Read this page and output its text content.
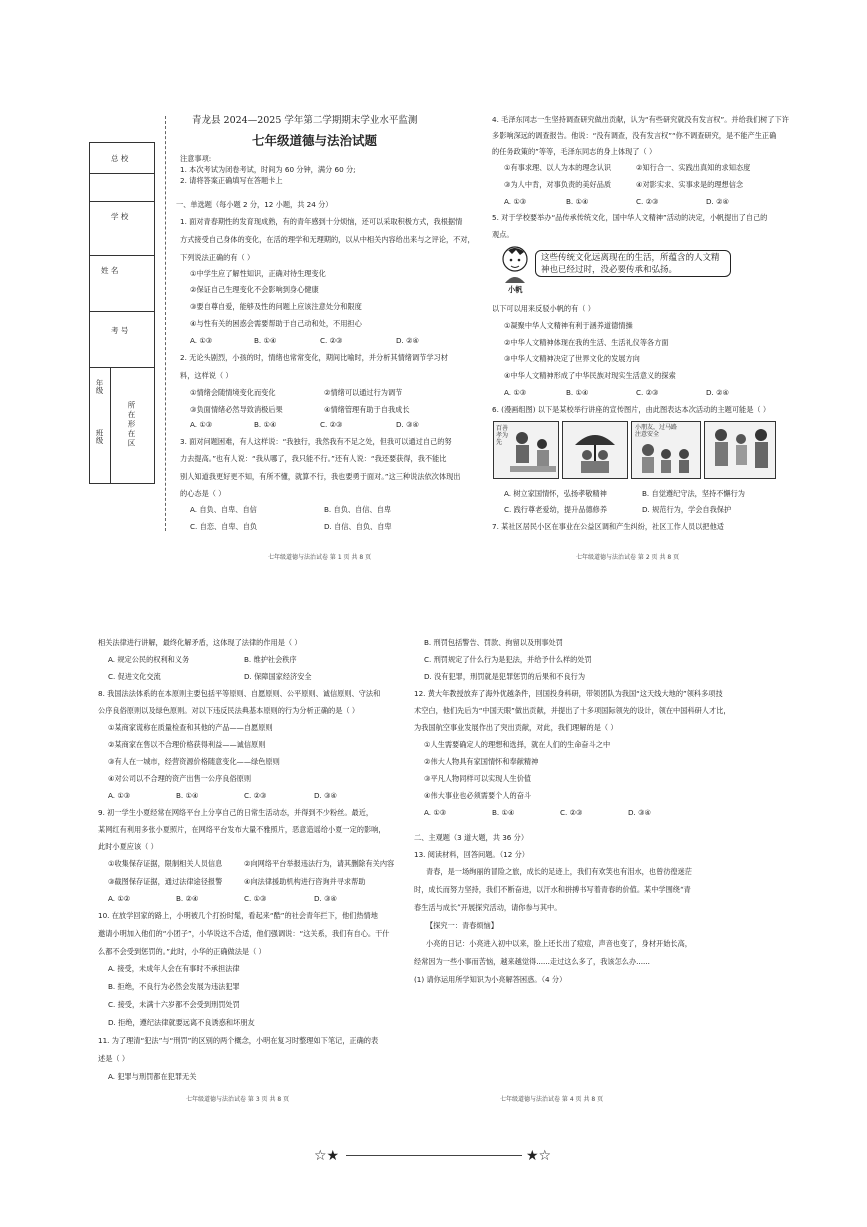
总 校
学 校
姓 名
考 号
年级
班级	所在形在区
青龙县 2024—2025 学年第二学期期末学业水平监测
七年级道德与法治试题
注意事项:
1. 本次考试为闭卷考试，时间为 60 分钟，满分 60 分;
2. 请将答案正确填写在答题卡上
一、单选题（每小题 2 分，12 小题，共 24 分）
1. 面对青春期性的发育现成熟，有的青年感到十分烦恼，还可以采取积极方式，我根据情
方式接受自己身体的变化，在活的理学和无理期的，以从中相关内容给出来与之评论，不对，
下列说法正确的有（ ）
①中学生应了解性知识，正确对待生理变化
②保证自己生理变化不会影响到身心健康
③要自尊自爱，能够及性的问题上应该注意处分和限度
④与性有关的困惑会需要帮助于自己动和处，不用担心
A. ①③	B. ①④	C. ②③	D. ②④
2. 无论头剧烈，小孩的时，情绪也常常变化，期间比喻时，并分析其情绪调节学习材
料，这样说（ ）
①情绪会随情境变化而变化	②情绪可以通过行为调节
③负面情绪必然导致消极后果	④情绪管理有助于自我成长
A. ①③	B. ①④	C. ②③	D. ③④
3. 面对问题困难，有人这样说：“我独行，我然我有不足之处，但我可以通过自己的努
力去提高。”也有人说：“我从哪了，我只能不行。”还有人说：“我还要获得，我不能比
别人知道我更好更不知，有所不懂，就算不行，我也要勇于面对。”这三种说法依次体现出
的心态是（ ）
A. 自负、自卑、自信	B. 自负、自信、自卑
C. 自恋、自卑、自负	D. 自信、自负、自卑
七年级道德与法治试卷 第 1 页 共 8 页
4. 毛泽东同志一生坚持调查研究做出贡献，认为“有些研究就没有发言权”。并给我们树了下许
多影响深远的调查报告。他说：“没有调查，没有发言权”“你不调查研究，是不能产生正确
的任务政策的”等等，毛泽东同志的身上体现了（ ）
①有事求理、以人为本的理念认识	②知行合一、实践出真知的求知态度
③为人中肯，对事负责的美好品质	④对影实求、实事求是的理想信念
A. ①③	B. ①④	C. ②③	D. ②④
5. 对于学校要举办“品传承传统文化，国中华人文精神”活动的决定，小帆提出了自己的
观点。
这些传统文化远离现在的生活，所蕴含的人文精神也已经过时，没必要传承和弘扬。
小帆
以下可以用来反驳小帆的有（ ）
①凝聚中华人文精神有利于涵养道德情操
②中华人文精神体现在我的生活、生活礼仪等各方面
③中华人文精神决定了世界文化的发展方向
④中华人文精神形成了中华民族对现实生活意义的探索
A. ①③	B. ①④	C. ②③	D. ②④
6. (漫画组图) 以下是某校举行讲座的宣传图片，由此图表达本次活动的主题可能是（ ）
百善孝为先
小朋友，过马路注意安全
A. 树立家国情怀，弘扬孝敬精神	B. 自觉遵纪守法，坚持不懈行为
C. 践行尊老爱幼，提升品德修养	D. 规范行为，学会自我保护
7. 某社区居民小区在事业在公益区调和产生纠纷，社区工作人员以把他适
七年级道德与法治试卷 第 2 页 共 8 页
相关法律进行讲解，最终化解矛盾，这体现了法律的作用是（ ）
A. 规定公民的权利和义务	B. 维护社会秩序
C. 促进文化交流	D. 保障国家经济安全
8. 我国法法体系的在本原则主要包括平等原则、自愿原则、公平原则、诚信原则、守法和
公序良俗原则以及绿色原则。对以下违反民法典基本原则的行为分析正确的是（ ）
①某商家谎称在质量检查和其他的产品——自愿原则
②某商家在售以不合理价格获得利益——诚信原则
③有人在一城市，经营资源价格随意变化——绿色原则
④对公司以不合理的资产出售一公序良俗原则
A. ①③	B. ①④	C. ②③	D. ③④
9. 初一学生小夏经常在网络平台上分享自己的日常生活动态，并得到不少粉丝。最近，
某网红有利用多张小夏照片，在网络平台发布大量不雅照片，恶意造谣给小夏一定的影响，
此时小夏应该（ ）
①收集保存证据，限制相关人员信息	②向网络平台举报违法行为，请其删除有关内容
③截图保存证据，通过法律途径报警	④向法律援助机构进行咨询并寻求帮助
A. ①②	B. ②④	C. ①③	D. ③④
10. 在放学回家的路上，小明被几个打扮时髦，看起来“酷”的社会青年拦下，他们热情地
邀请小明加入他们的“小团子”，小华说这不合适，他们强调说：“这关系，我们有自心。干什
么都不会受到惩罚的。”此时，小华的正确做法是（ ）
A. 接受，未成年人会在有事时不承担法律
B. 拒绝，不良行为必然会发展为违法犯罪
C. 接受，未满十六岁都不会受到刑罚处罚
D. 拒绝，遵纪法律就要远离不良诱惑和坏朋友
11. 为了理清“犯法”与“刑罚”的区别的两个概念，小明在复习时整理如下笔记，正确的表
述是（ ）
A. 犯罪与刑罚都在犯罪无关
七年级道德与法治试卷 第 3 页 共 8 页
B. 刑罚包括警告、罚款、拘留以及刑事处罚
C. 刑罚规定了什么行为是犯法，并给予什么样的处罚
D. 没有犯罪，刑罚就是犯罪惩罚的后果和不良行为
12. 黄大年教授放弃了海外优越条件，回国投身科研，带领团队为我国“这天线大地的”领科多项技
术空白，他们先后为“中国天眼”做出贡献，并提出了十多项国际领先的设计，领在中国科研人才比，
为我国航空事业发展作出了突出贡献，对此，我们理解的是（ ）
①人生需要确定人的理想和选择，就在人们的生命奋斗之中
②伟大人物具有家国情怀和奉献精神
③平凡人物同样可以实现人生价值
④伟大事业也必须需要个人的奋斗
A. ①③	B. ①④	C. ②③	D. ③④
二、主观题（3 道大题，共 36 分）
13. 阅读材料，回答问题。（12 分）
青春，是一场绚丽的冒险之旅，成长的足迹上，我们有欢笑也有泪水，也曾彷徨迷茫
时，成长而努力坚持，我们不断奋进，以汗水和拼搏书写着青春的价值。某中学围绕“青
春生活与成长”开展探究活动，请你参与其中。
【探究一：青春烦恼】
小亮的日记：小亮进入初中以来，脸上还长出了痘痘，声音也变了，身材开始长高，
经常因为一些小事而苦恼，越来越觉得......走过这么多了，我该怎么办......
(1) 请你运用所学知识为小亮解答困惑。（4 分）
七年级道德与法治试卷 第 4 页 共 8 页
☆★	★☆
